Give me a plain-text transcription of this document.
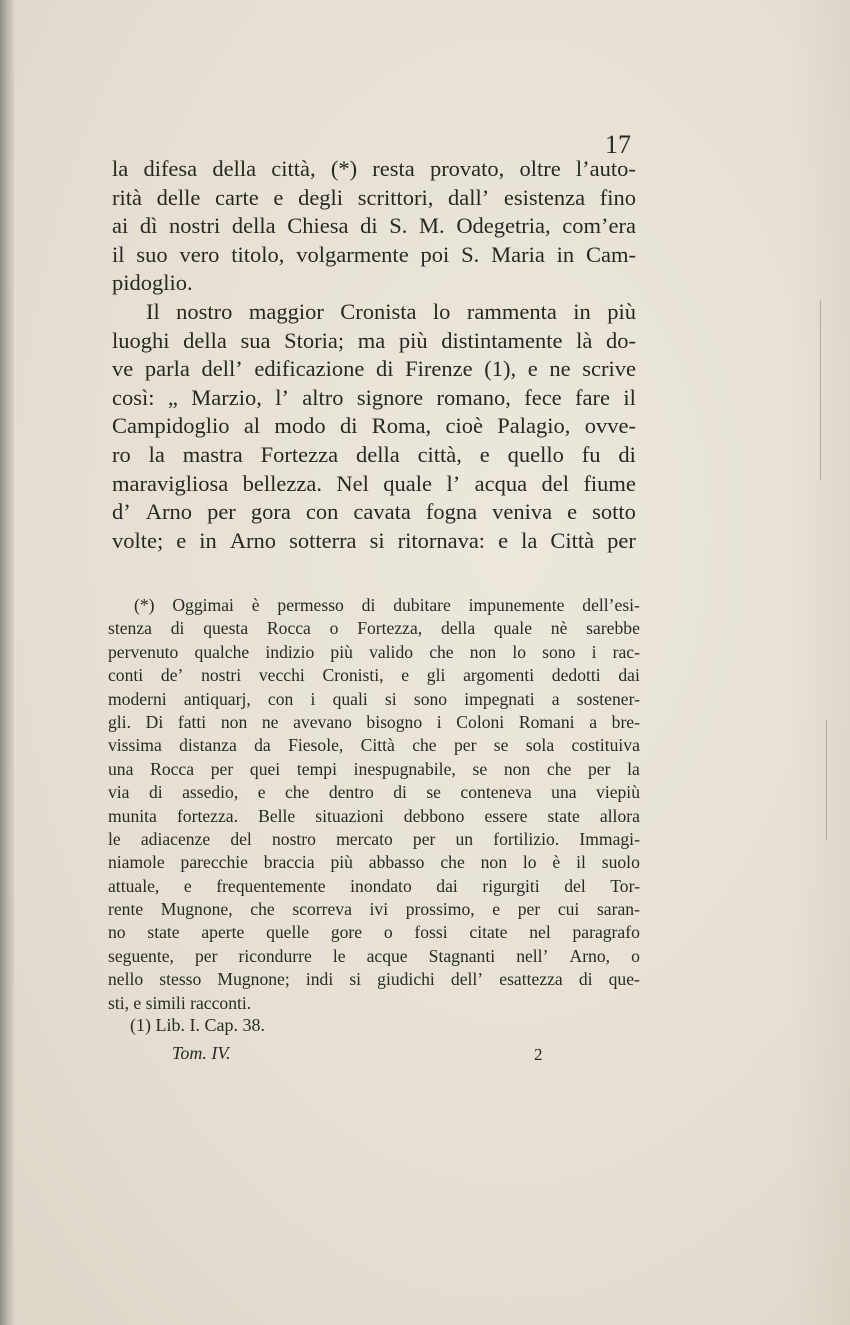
17
la difesa della città, (*) resta provato, oltre l’auto-
rità delle carte e degli scrittori, dall’ esistenza fino
ai dì nostri della Chiesa di S. M. Odegetria, com’era
il suo vero titolo, volgarmente poi S. Maria in Cam-
pidoglio.
Il nostro maggior Cronista lo rammenta in più
luoghi della sua Storia; ma più distintamente là do-
ve parla dell’ edificazione di Firenze (1), e ne scrive
così: „ Marzio, l’ altro signore romano, fece fare il
Campidoglio al modo di Roma, cioè Palagio, ovve-
ro la mastra Fortezza della città, e quello fu di
maravigliosa bellezza. Nel quale l’ acqua del fiume
d’ Arno per gora con cavata fogna veniva e sotto
volte; e in Arno sotterra si ritornava: e la Città per
(*) Oggimai è permesso di dubitare impunemente dell’esi-
stenza di questa Rocca o Fortezza, della quale nè sarebbe
pervenuto qualche indizio più valido che non lo sono i rac-
conti de’ nostri vecchi Cronisti, e gli argomenti dedotti dai
moderni antiquarj, con i quali si sono impegnati a sostener-
gli. Di fatti non ne avevano bisogno i Coloni Romani a bre-
vissima distanza da Fiesole, Città che per se sola costituiva
una Rocca per quei tempi inespugnabile, se non che per la
via di assedio, e che dentro di se conteneva una viepiù
munita fortezza. Belle situazioni debbono essere state allora
le adiacenze del nostro mercato per un fortilizio. Immagi-
niamole parecchie braccia più abbasso che non lo è il suolo
attuale, e frequentemente inondato dai rigurgiti del Tor-
rente Mugnone, che scorreva ivi prossimo, e per cui saran-
no state aperte quelle gore o fossi citate nel paragrafo
seguente, per ricondurre le acque Stagnanti nell’ Arno, o
nello stesso Mugnone; indi si giudichi dell’ esattezza di que-
sti, e simili racconti.
(1) Lib. I. Cap. 38.
Tom. IV.	2
